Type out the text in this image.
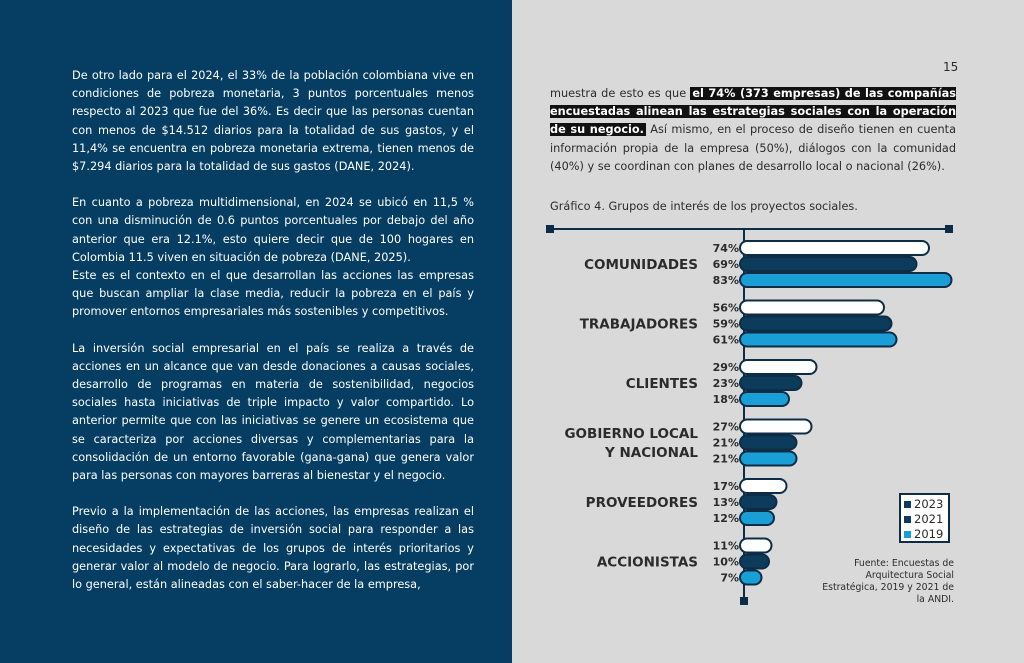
De otro lado para el 2024, el 33% de la población colombiana vive en condiciones de pobreza monetaria, 3 puntos porcentuales menos respecto al 2023 que fue del 36%. Es decir que las personas cuentan con menos de $14.512 diarios para la totalidad de sus gastos, y el 11,4% se encuentra en pobreza monetaria extrema, tienen menos de $7.294 diarios para la totalidad de sus gastos (DANE, 2024).

En cuanto a pobreza multidimensional, en 2024 se ubicó en 11,5 % con una disminución de 0.6 puntos porcentuales por debajo del año anterior que era 12.1%, esto quiere decir que de 100 hogares en Colombia 11.5 viven en situación de pobreza (DANE, 2025).

Este es el contexto en el que desarrollan las acciones las empresas que buscan ampliar la clase media, reducir la pobreza en el país y promover entornos empresariales más sostenibles y competitivos.

La inversión social empresarial en el país se realiza a través de acciones en un alcance que van desde donaciones a causas sociales, desarrollo de programas en materia de sostenibilidad, negocios sociales hasta iniciativas de triple impacto y valor compartido. Lo anterior permite que con las iniciativas se genere un ecosistema que se caracteriza por acciones diversas y complementarias para la consolidación de un entorno favorable (gana-gana) que genera valor para las personas con mayores barreras al bienestar y el negocio.

Previo a la implementación de las acciones, las empresas realizan el diseño de las estrategias de inversión social para responder a las necesidades y expectativas de los grupos de interés prioritarios y generar valor al modelo de negocio. Para lograrlo, las estrategias, por lo general, están alineadas con el saber-hacer de la empresa,

15

muestra de esto es que el 74% (373 empresas) de las compañías encuestadas alinean las estrategias sociales con la operación de su negocio. Así mismo, en el proceso de diseño tienen en cuenta información propia de la empresa (50%), diálogos con la comunidad (40%) y se coordinan con planes de desarrollo local o nacional (26%).

Gráfico 4. Grupos de interés de los proyectos sociales.

74%
69%
83%
COMUNIDADES
56%
59%
61%
TRABAJADORES
29%
23%
18%
CLIENTES
27%
21%
21%
GOBIERNO LOCAL
Y NACIONAL
17%
13%
12%
PROVEEDORES
11%
10%
7%
ACCIONISTAS
2023
2021
2019
Fuente: Encuestas de Arquitectura Social Estratégica, 2019 y 2021 de la ANDI.
